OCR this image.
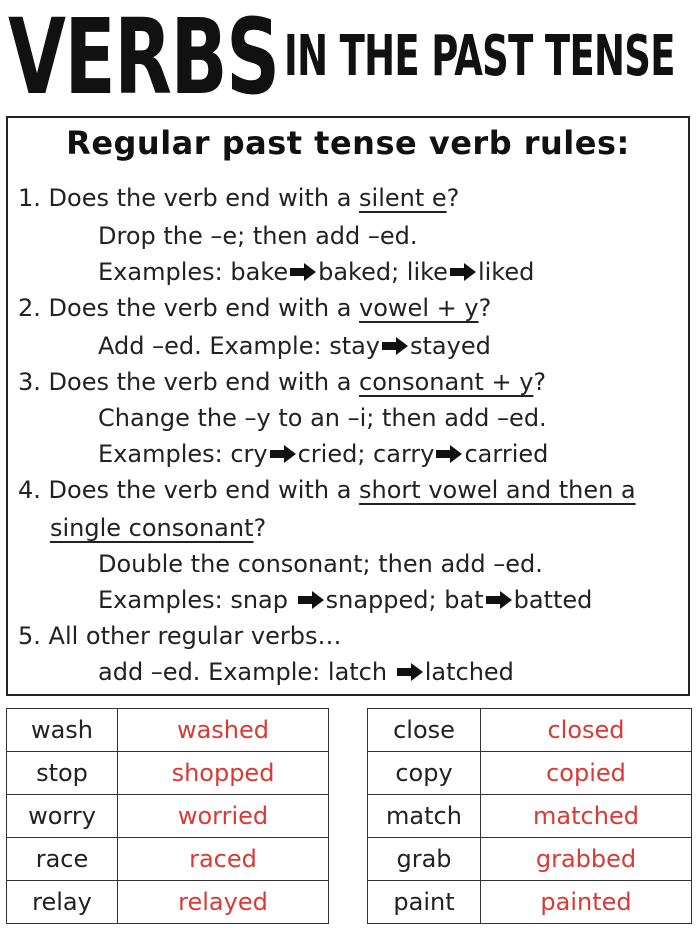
VERBS IN THE PAST TENSE
Regular past tense verb rules:
1. Does the verb end with a silent e?
Drop the –e; then add –ed.
Examples: bake baked; like liked
2. Does the verb end with a vowel + y?
Add –ed. Example: stay stayed
3. Does the verb end with a consonant + y?
Change the –y to an –i; then add –ed.
Examples: cry cried; carry carried
4. Does the verb end with a short vowel and then a
single consonant?
Double the consonant; then add –ed.
Examples: snap snapped; bat batted
5. All other regular verbs…
add –ed. Example: latch latched
wash	washed
stop	shopped
worry	worried
race	raced
relay	relayed
close	closed
copy	copied
match	matched
grab	grabbed
paint	painted
